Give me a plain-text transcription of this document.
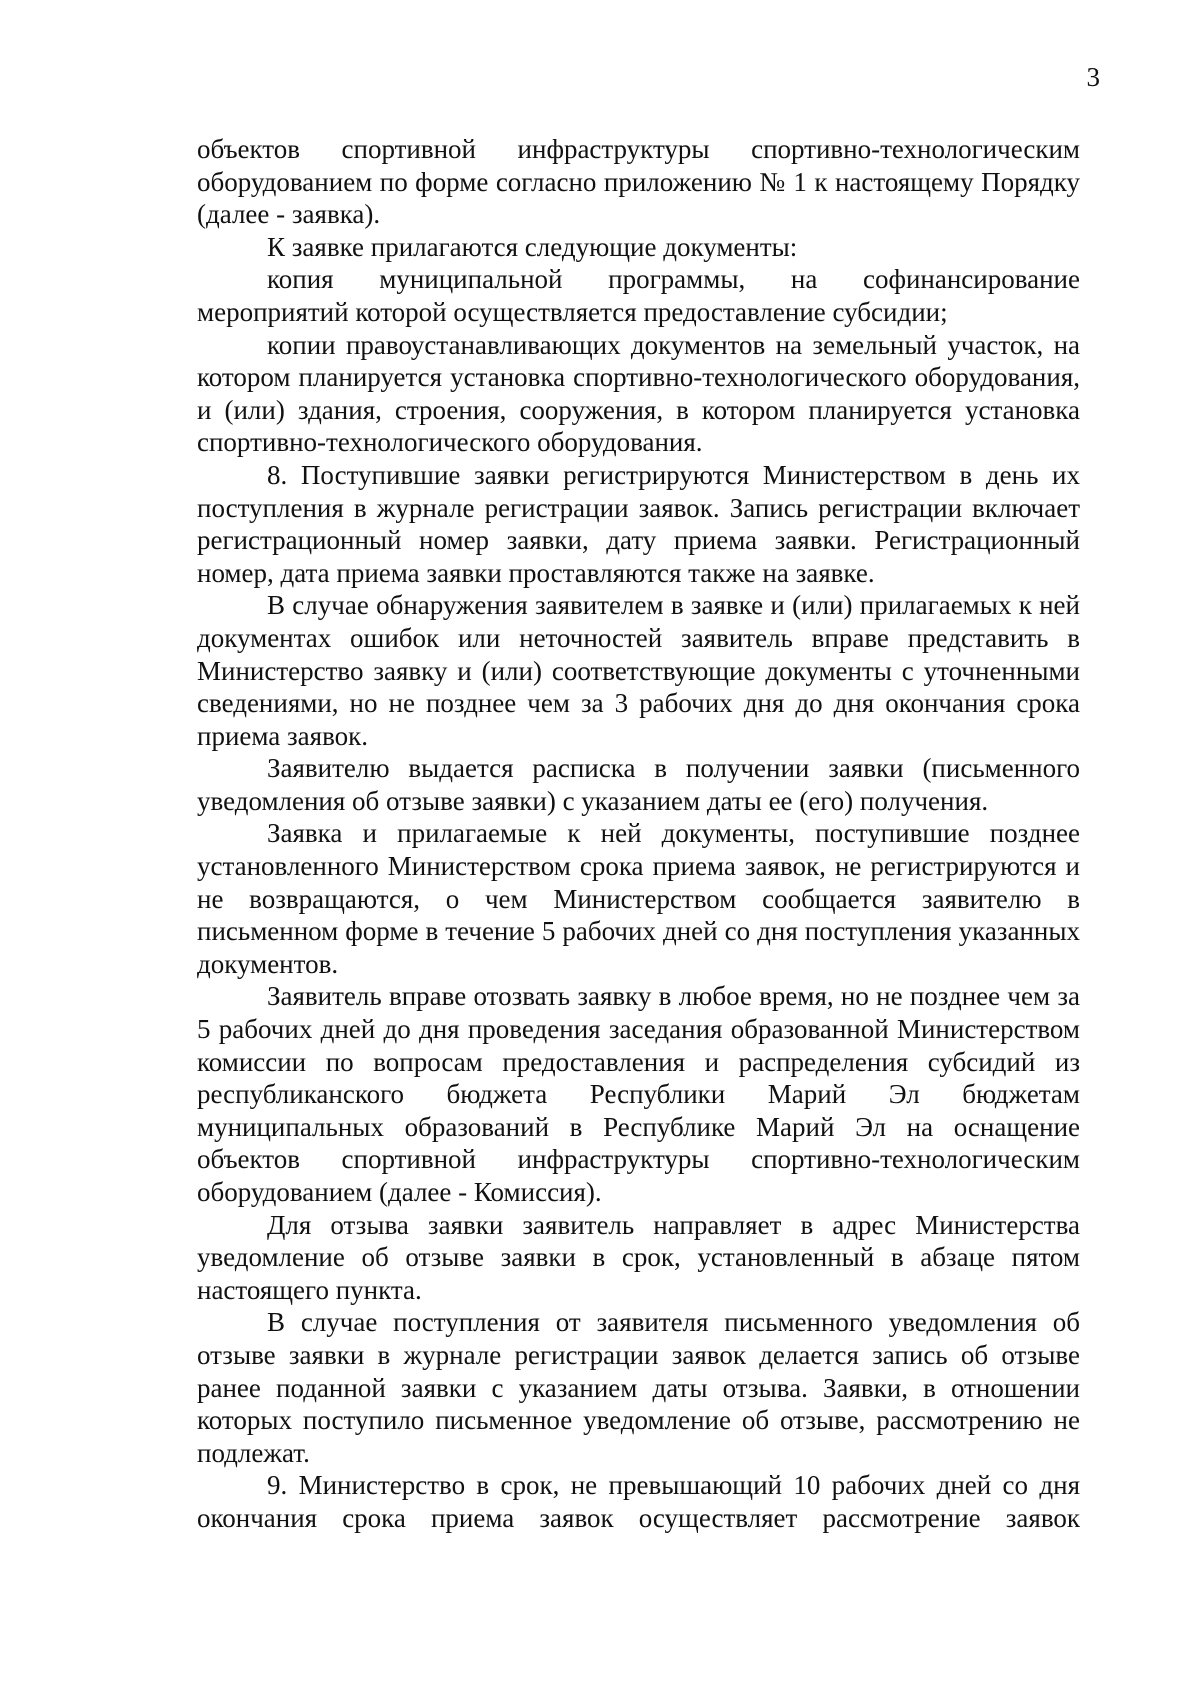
3

объектов спортивной инфраструктуры спортивно-технологическим оборудованием по форме согласно приложению № 1 к настоящему Порядку (далее - заявка).

К заявке прилагаются следующие документы:

копия муниципальной программы, на софинансирование мероприятий которой осуществляется предоставление субсидии;

копии правоустанавливающих документов на земельный участок, на котором планируется установка спортивно-технологического оборудования, и (или) здания, строения, сооружения, в котором планируется установка спортивно-технологического оборудования.

8. Поступившие заявки регистрируются Министерством в день их поступления в журнале регистрации заявок. Запись регистрации включает регистрационный номер заявки, дату приема заявки. Регистрационный номер, дата приема заявки проставляются также на заявке.

В случае обнаружения заявителем в заявке и (или) прилагаемых к ней документах ошибок или неточностей заявитель вправе представить в Министерство заявку и (или) соответствующие документы с уточненными сведениями, но не позднее чем за 3 рабочих дня до дня окончания срока приема заявок.

Заявителю выдается расписка в получении заявки (письменного уведомления об отзыве заявки) с указанием даты ее (его) получения.

Заявка и прилагаемые к ней документы, поступившие позднее установленного Министерством срока приема заявок, не регистрируются и не возвращаются, о чем Министерством сообщается заявителю в письменном форме в течение 5 рабочих дней со дня поступления указанных документов.

Заявитель вправе отозвать заявку в любое время, но не позднее чем за 5 рабочих дней до дня проведения заседания образованной Министерством комиссии по вопросам предоставления и распределения субсидий из республиканского бюджета Республики Марий Эл бюджетам муниципальных образований в Республике Марий Эл на оснащение объектов спортивной инфраструктуры спортивно-технологическим оборудованием (далее - Комиссия).

Для отзыва заявки заявитель направляет в адрес Министерства уведомление об отзыве заявки в срок, установленный в абзаце пятом настоящего пункта.

В случае поступления от заявителя письменного уведомления об отзыве заявки в журнале регистрации заявок делается запись об отзыве ранее поданной заявки с указанием даты отзыва. Заявки, в отношении которых поступило письменное уведомление об отзыве, рассмотрению не подлежат.

9. Министерство в срок, не превышающий 10 рабочих дней со дня окончания срока приема заявок осуществляет рассмотрение заявок
